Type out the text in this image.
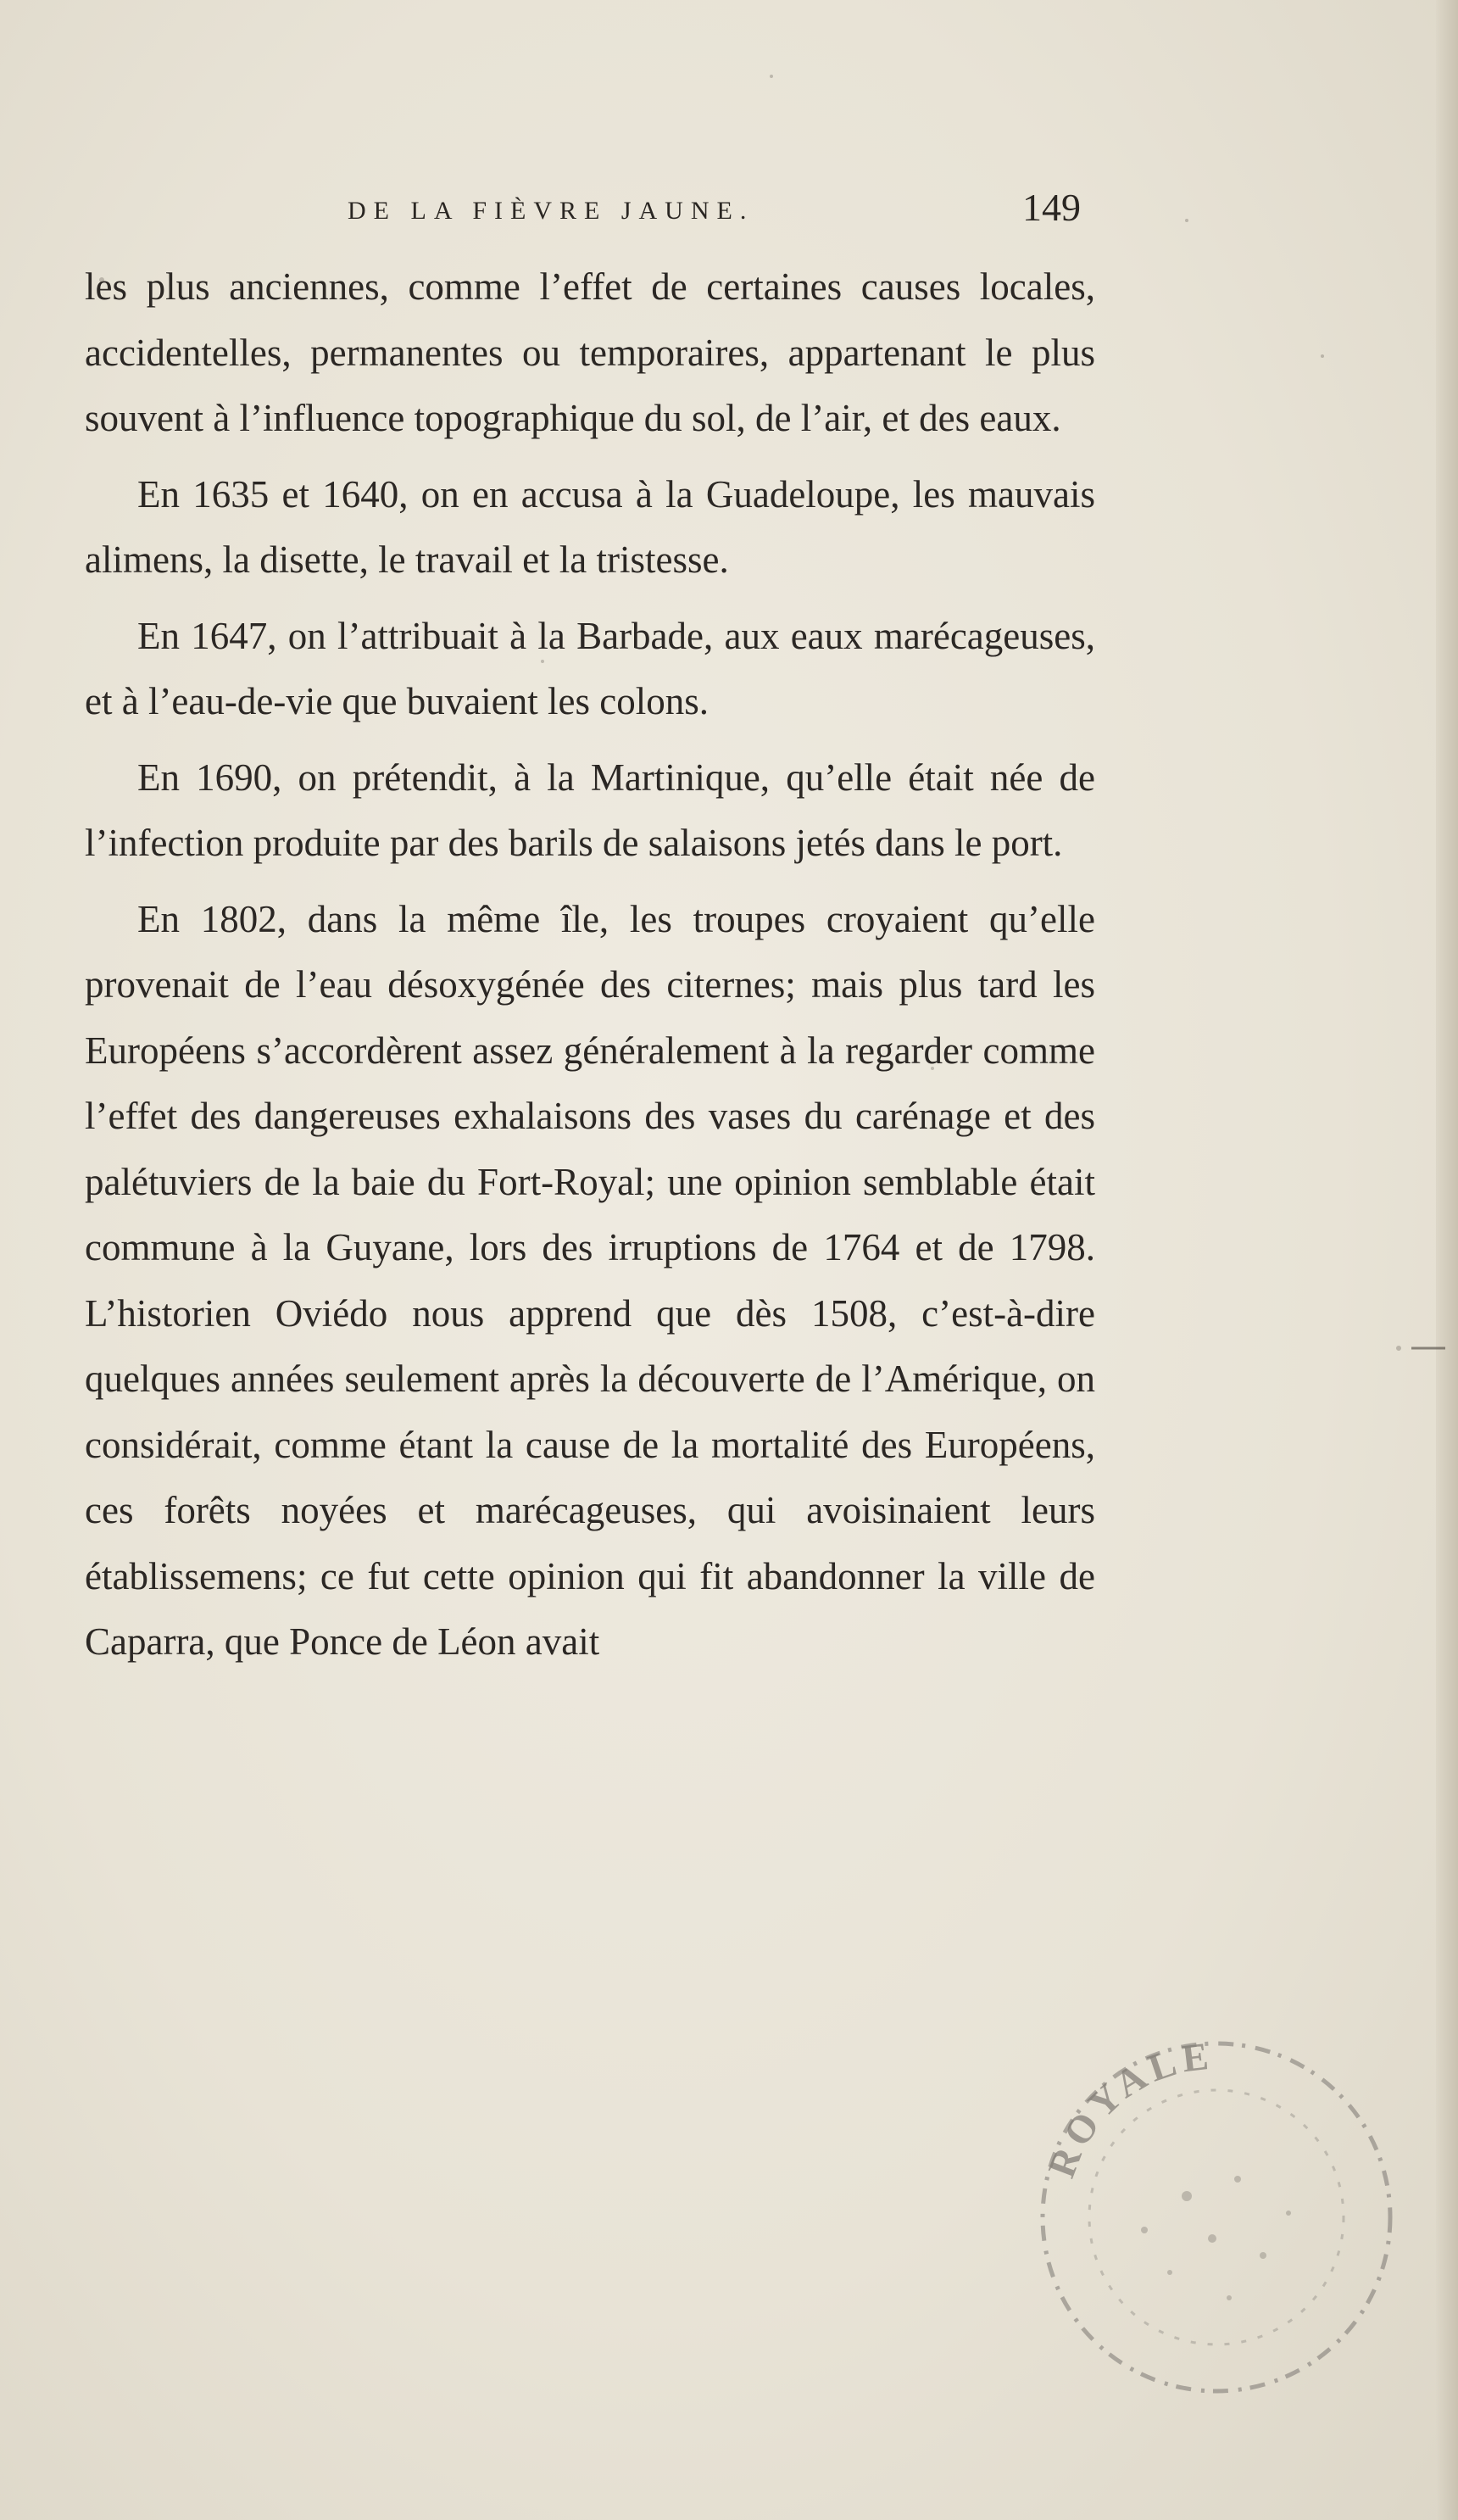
DE LA FIÈVRE JAUNE.	149

les plus anciennes, comme l’effet de certaines causes locales, accidentelles, permanentes ou temporaires, appartenant le plus souvent à l’influence topographique du sol, de l’air, et des eaux.

En 1635 et 1640, on en accusa à la Guadeloupe, les mauvais alimens, la disette, le travail et la tristesse.

En 1647, on l’attribuait à la Barbade, aux eaux marécageuses, et à l’eau-de-vie que buvaient les colons.

En 1690, on prétendit, à la Martinique, qu’elle était née de l’infection produite par des barils de salaisons jetés dans le port.

En 1802, dans la même île, les troupes croyaient qu’elle provenait de l’eau désoxygénée des citernes; mais plus tard les Européens s’accordèrent assez généralement à la regarder comme l’effet des dangereuses exhalaisons des vases du carénage et des palétuviers de la baie du Fort-Royal; une opinion semblable était commune à la Guyane, lors des irruptions de 1764 et de 1798. L’historien Oviédo nous apprend que dès 1508, c’est-à-dire quelques années seulement après la découverte de l’Amérique, on considérait, comme étant la cause de la mortalité des Européens, ces forêts noyées et marécageuses, qui avoisinaient leurs établissemens; ce fut cette opinion qui fit abandonner la ville de Caparra, que Ponce de Léon avait

ROYALE
